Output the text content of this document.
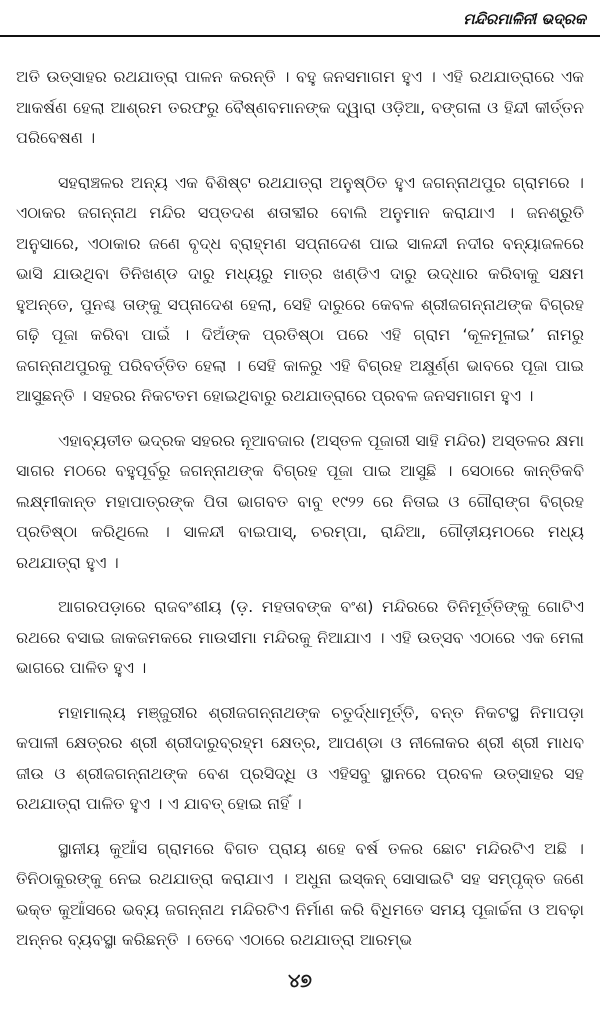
ମନ୍ଦିରମାଳିନୀ ଭଦ୍ରକ

ଅତି ଉତ୍ସାହର ରଥଯାତ୍ରା ପାଳନ କରନ୍ତି । ବହୁ ଜନସମାଗମ ହୁଏ । ଏହି ରଥଯାତ୍ରାରେ ଏକ ଆକର୍ଷଣ ହେଲା ଆଶ୍ରମ ତରଫରୁ ବୈଷ୍ଣବମାନଙ୍କ ଦ୍ୱାରା ଓଡ଼ିଆ, ବଙ୍ଗଳା ଓ ହିନ୍ଦୀ କୀର୍ତ୍ତନ ପରିବେଷଣ ।

ସହରାଞ୍ଚଳର ଅନ୍ୟ ଏକ ବିଶିଷ୍ଟ ରଥଯାତ୍ରା ଅନୁଷ୍ଠିତ ହୁଏ ଜଗନ୍ନାଥପୁର ଗ୍ରାମରେ । ଏଠାକର ଜଗନ୍ନାଥ ମନ୍ଦିର ସପ୍ତଦଶ ଶତାବ୍ଦୀର ବୋଲି ଅନୁମାନ କରାଯାଏ । ଜନଶ୍ରୁତି ଅନୁସାରେ, ଏଠାକାର ଜଣେ ବୃଦ୍ଧ ବ୍ରାହ୍ମଣ ସପ୍ନାଦେଶ ପାଇ ସାଳନ୍ଦୀ ନଦୀର ବନ୍ୟାଜଳରେ ଭାସି ଯାଉଥିବା ତିନିଖଣ୍ଡ ଦାରୁ ମଧ୍ୟରୁ ମାତ୍ର ଖଣ୍ଡିଏ ଦାରୁ ଉଦ୍ଧାର କରିବାକୁ ସକ୍ଷମ ହୁଅନ୍ତେ, ପୁନଶ୍ଚ ତାଙ୍କୁ ସପ୍ନାଦେଶ ହେଲା, ସେହି ଦାରୁରେ କେବଳ ଶ୍ରୀଜଗନ୍ନାଥଙ୍କ ବିଗ୍ରହ ଗଢ଼ି ପୂଜା କରିବା ପାଇଁ । ଦିଅଁଙ୍କ ପ୍ରତିଷ୍ଠା ପରେ ଏହି ଗ୍ରାମ ‘କୂଳମୂଳାଇ’ ନାମରୁ ଜଗନ୍ନାଥପୁରକୁ ପରିବର୍ତ୍ତିତ ହେଲା । ସେହି କାଳରୁ ଏହି ବିଗ୍ରହ ଅକ୍ଷୁର୍ଣ୍ଣ ଭାବରେ ପୂଜା ପାଇ ଆସୁଛନ୍ତି । ସହରର ନିକଟତମ ହୋଇଥିବାରୁ ରଥଯାତ୍ରାରେ ପ୍ରବଳ ଜନସମାଗମ ହୁଏ ।

ଏହାବ୍ୟତୀତ ଭଦ୍ରକ ସହରର ନୂଆବଜାର (ଅସ୍ତଳ ପୂଜାରୀ ସାହି ମନ୍ଦିର) ଅସ୍ତଳର କ୍ଷମା ସାଗର ମଠରେ ବହୁପୂର୍ବରୁ ଜଗନ୍ନାଥଙ୍କ ବିଗ୍ରହ ପୂଜା ପାଇ ଆସୁଛି । ସେଠାରେ କାନ୍ତିକବି ଲକ୍ଷ୍ମୀକାନ୍ତ ମହାପାତ୍ରଙ୍କ ପିତା ଭାଗବତ ବାବୁ ୧୯୨୨ ରେ ନିତାଇ ଓ ଗୌରାଙ୍ଗ ବିଗ୍ରହ ପ୍ରତିଷ୍ଠା କରିଥିଲେ । ସାଳନ୍ଦୀ ବାଇପାସ୍, ଚରମ୍ପା, ରାନ୍ଦିଆ, ଗୌଡ଼ୀୟମଠରେ ମଧ୍ୟ ରଥଯାତ୍ରା ହୁଏ ।

ଆଗରପଡ଼ାରେ ରାଜବଂଶୀୟ (ଡ଼. ମହତାବଙ୍କ ବଂଶ) ମନ୍ଦିରରେ ତିନିମୂର୍ତ୍ତିଙ୍କୁ ଗୋଟିଏ ରଥରେ ବସାଇ ଜାକଜମକରେ ମାଉସୀମା ମନ୍ଦିରକୁ ନିଆଯାଏ । ଏହି ଉତ୍ସବ ଏଠାରେ ଏକ ମେଳା ଭାଗରେ ପାଳିତ ହୁଏ ।

ମହାମାଲ୍ୟ ମଞ୍ଜୁରୀର ଶ୍ରୀଜଗନ୍ନାଥଙ୍କ ଚତୁର୍ଦ୍ଧାମୂର୍ତ୍ତି, ବନ୍ତ ନିକଟସ୍ଥ ନିମାପଡ଼ା କପାଳୀ କ୍ଷେତ୍ରର ଶ୍ରୀ ଶ୍ରୀଦାରୁବ୍ରହ୍ମ କ୍ଷେତ୍ର, ଆପଣ୍ଡା ଓ ନୀଳୋକର ଶ୍ରୀ ଶ୍ରୀ ମାଧବ ଜୀଉ ଓ ଶ୍ରୀଜଗନ୍ନାଥଙ୍କ ବେଶ ପ୍ରସିଦ୍ଧି ଓ ଏହିସବୁ ସ୍ଥାନରେ ପ୍ରବଳ ଉତ୍ସାହର ସହ ରଥଯାତ୍ରା ପାଳିତ ହୁଏ । ଏ ଯାବତ୍ ହୋଇ ନାହିଁ ।

ସ୍ଥାନୀୟ କୁଆଁସ ଗ୍ରାମରେ ବିଗତ ପ୍ରାୟ ଶହେ ବର୍ଷ ତଳର ଛୋଟ ମନ୍ଦିରଟିଏ ଅଛି । ତିନିଠାକୁରଙ୍କୁ ନେଇ ରଥଯାତ୍ରା କରାଯାଏ । ଅଧୁନା ଇସ୍କନ୍ ସୋସାଇଟି ସହ ସମ୍ପୃକ୍ତ ଜଣେ ଭକ୍ତ କୁଆଁସରେ ଭବ୍ୟ ଜଗନ୍ନାଥ ମନ୍ଦିରଟିଏ ନିର୍ମାଣ କରି ବିଧିମତେ ସମୟ ପୂଜାର୍ଚ୍ଚନା ଓ ଅବଢ଼ା ଅନ୍ନର ବ୍ୟବସ୍ଥା କରିଛନ୍ତି । ତେବେ ଏଠାରେ ରଥଯାତ୍ରା ଆରମ୍ଭ

୪୭
